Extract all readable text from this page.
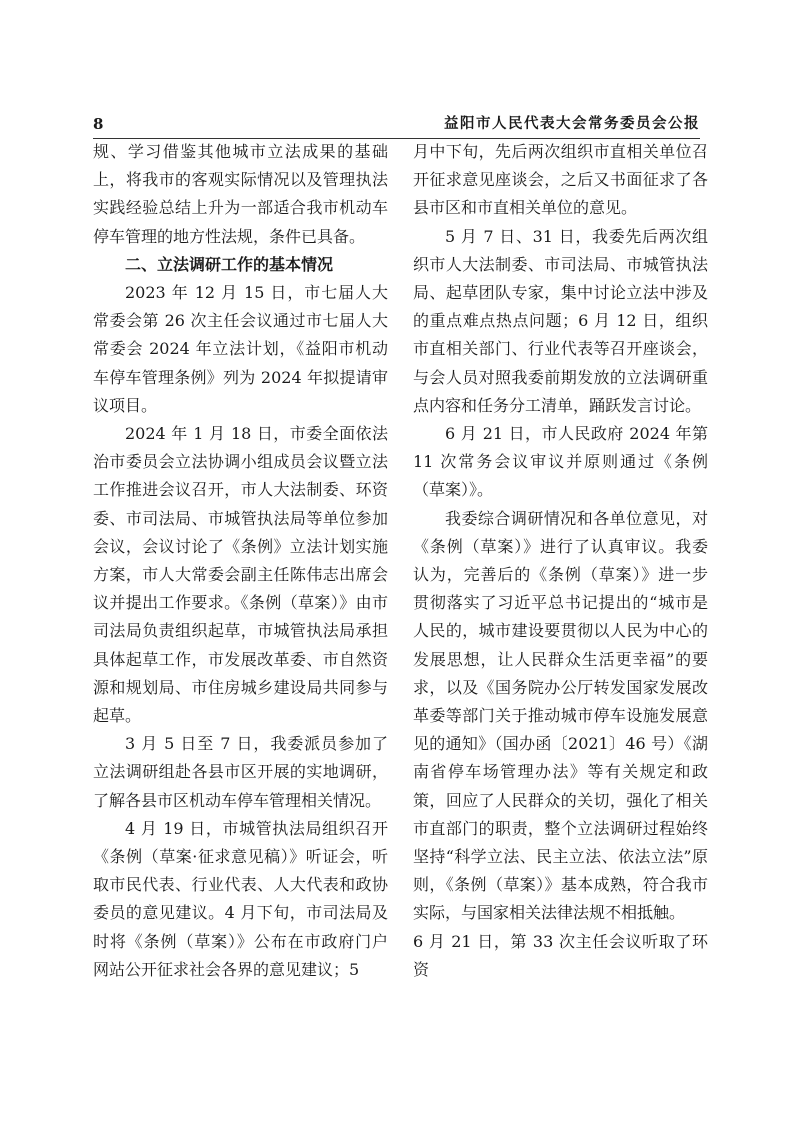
8	益阳市人民代表大会常务委员会公报

规、学习借鉴其他城市立法成果的基础上，将我市的客观实际情况以及管理执法实践经验总结上升为一部适合我市机动车停车管理的地方性法规，条件已具备。

二、立法调研工作的基本情况

2023 年 12 月 15 日，市七届人大常委会第 26 次主任会议通过市七届人大常委会 2024 年立法计划，《益阳市机动车停车管理条例》列为 2024 年拟提请审议项目。

2024 年 1 月 18 日，市委全面依法治市委员会立法协调小组成员会议暨立法工作推进会议召开，市人大法制委、环资委、市司法局、市城管执法局等单位参加会议，会议讨论了《条例》立法计划实施方案，市人大常委会副主任陈伟志出席会议并提出工作要求。《条例（草案）》由市司法局负责组织起草，市城管执法局承担具体起草工作，市发展改革委、市自然资源和规划局、市住房城乡建设局共同参与起草。

3 月 5 日至 7 日，我委派员参加了立法调研组赴各县市区开展的实地调研，了解各县市区机动车停车管理相关情况。

4 月 19 日，市城管执法局组织召开《条例（草案·征求意见稿）》听证会，听取市民代表、行业代表、人大代表和政协委员的意见建议。4 月下旬，市司法局及时将《条例（草案）》公布在市政府门户网站公开征求社会各界的意见建议；5

月中下旬，先后两次组织市直相关单位召开征求意见座谈会，之后又书面征求了各县市区和市直相关单位的意见。

5 月 7 日、31 日，我委先后两次组织市人大法制委、市司法局、市城管执法局、起草团队专家，集中讨论立法中涉及的重点难点热点问题；6 月 12 日，组织市直相关部门、行业代表等召开座谈会，与会人员对照我委前期发放的立法调研重点内容和任务分工清单，踊跃发言讨论。

6 月 21 日，市人民政府 2024 年第 11 次常务会议审议并原则通过《条例（草案）》。

我委综合调研情况和各单位意见，对《条例（草案）》进行了认真审议。我委认为，完善后的《条例（草案）》进一步贯彻落实了习近平总书记提出的“城市是人民的，城市建设要贯彻以人民为中心的发展思想，让人民群众生活更幸福”的要求，以及《国务院办公厅转发国家发展改革委等部门关于推动城市停车设施发展意见的通知》（国办函〔2021〕46 号）《湖南省停车场管理办法》等有关规定和政策，回应了人民群众的关切，强化了相关市直部门的职责，整个立法调研过程始终坚持“科学立法、民主立法、依法立法”原则，《条例（草案）》基本成熟，符合我市实际，与国家相关法律法规不相抵触。

6 月 21 日，第 33 次主任会议听取了环资
